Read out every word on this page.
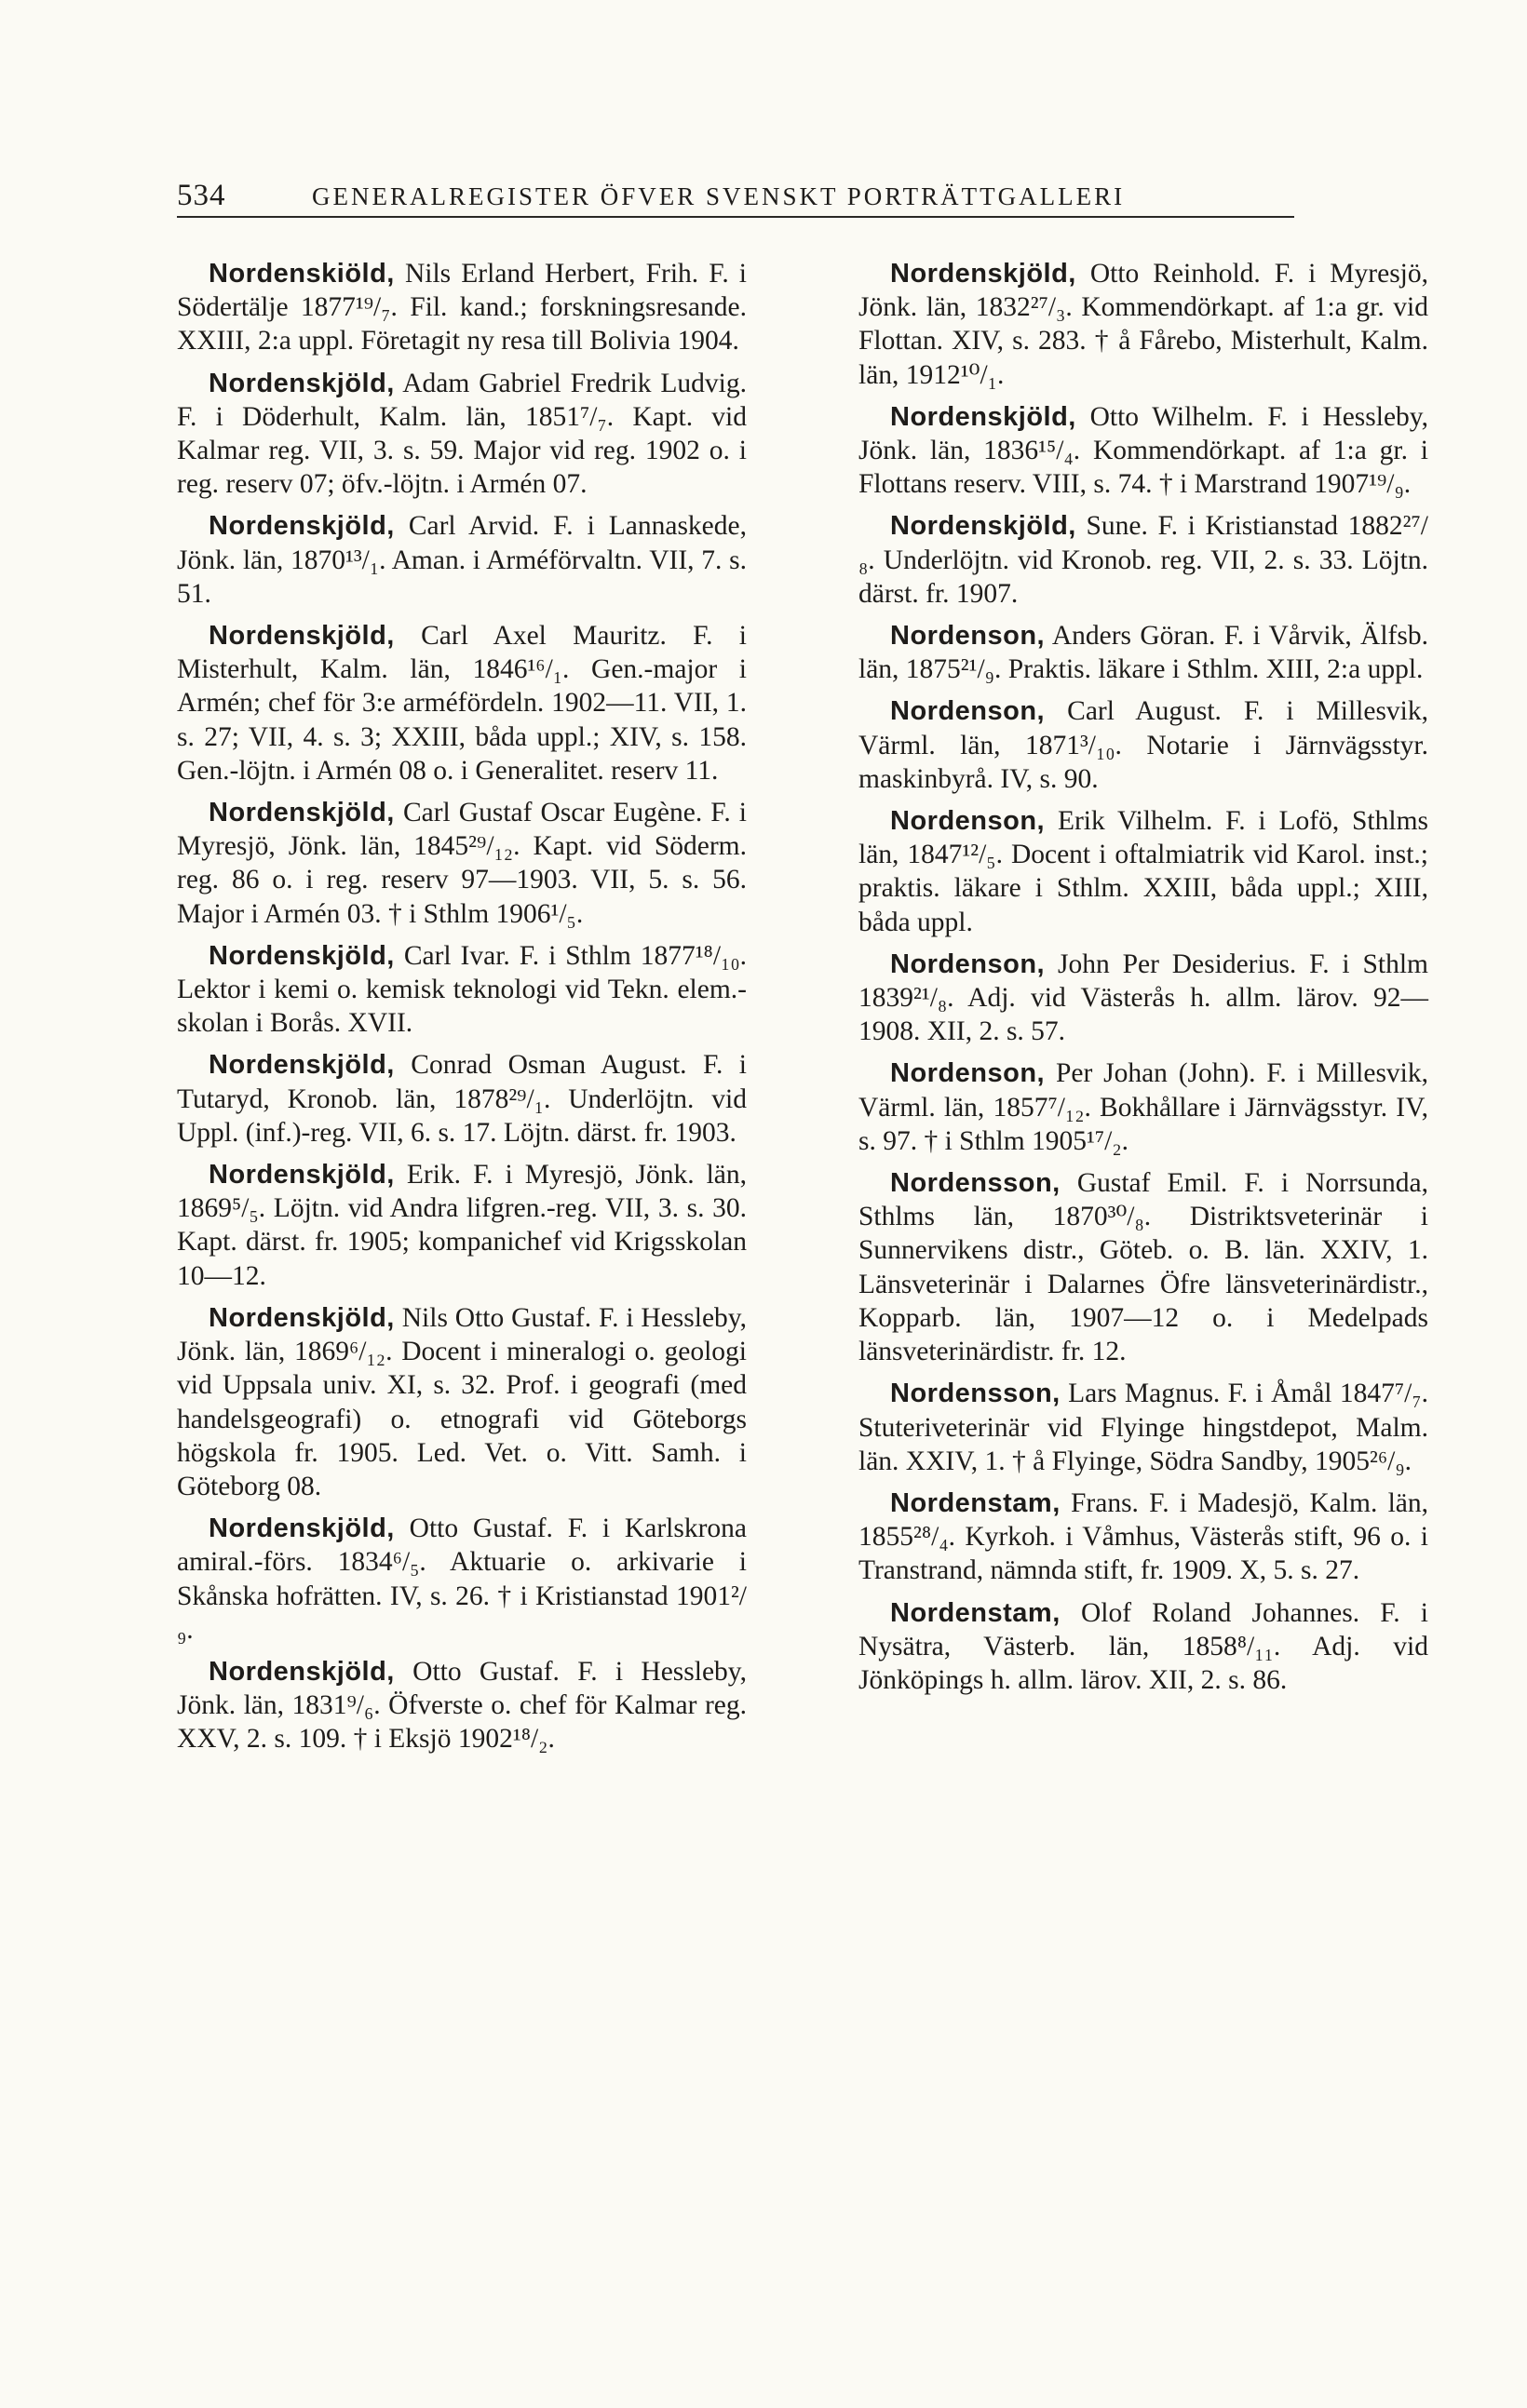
534	GENERALREGISTER ÖFVER SVENSKT PORTRÄTTGALLERI

Nordenskiöld, Nils Erland Herbert, Frih. F. i Södertälje 1877¹⁹/₇. Fil. kand.; forskningsresande. XXIII, 2:a uppl. Företagit ny resa till Bolivia 1904.

Nordenskjöld, Adam Gabriel Fredrik Ludvig. F. i Döderhult, Kalm. län, 1851⁷/₇. Kapt. vid Kalmar reg. VII, 3. s. 59. Major vid reg. 1902 o. i reg. reserv 07; öfv.-löjtn. i Armén 07.

Nordenskjöld, Carl Arvid. F. i Lannaskede, Jönk. län, 1870¹³/₁. Aman. i Arméförvaltn. VII, 7. s. 51.

Nordenskjöld, Carl Axel Mauritz. F. i Misterhult, Kalm. län, 1846¹⁶/₁. Gen.-major i Armén; chef för 3:e arméfördeln. 1902—11. VII, 1. s. 27; VII, 4. s. 3; XXIII, båda uppl.; XIV, s. 158. Gen.-löjtn. i Armén 08 o. i Generalitet. reserv 11.

Nordenskjöld, Carl Gustaf Oscar Eugène. F. i Myresjö, Jönk. län, 1845²⁹/₁₂. Kapt. vid Söderm. reg. 86 o. i reg. reserv 97—1903. VII, 5. s. 56. Major i Armén 03. † i Sthlm 1906¹/₅.

Nordenskjöld, Carl Ivar. F. i Sthlm 1877¹⁸/₁₀. Lektor i kemi o. kemisk teknologi vid Tekn. elem.-skolan i Borås. XVII.

Nordenskjöld, Conrad Osman August. F. i Tutaryd, Kronob. län, 1878²⁹/₁. Underlöjtn. vid Uppl. (inf.)-reg. VII, 6. s. 17. Löjtn. därst. fr. 1903.

Nordenskjöld, Erik. F. i Myresjö, Jönk. län, 1869⁵/₅. Löjtn. vid Andra lifgren.-reg. VII, 3. s. 30. Kapt. därst. fr. 1905; kompanichef vid Krigsskolan 10—12.

Nordenskjöld, Nils Otto Gustaf. F. i Hessleby, Jönk. län, 1869⁶/₁₂. Docent i mineralogi o. geologi vid Uppsala univ. XI, s. 32. Prof. i geografi (med handelsgeografi) o. etnografi vid Göteborgs högskola fr. 1905. Led. Vet. o. Vitt. Samh. i Göteborg 08.

Nordenskjöld, Otto Gustaf. F. i Karlskrona amiral.-förs. 1834⁶/₅. Aktuarie o. arkivarie i Skånska hofrätten. IV, s. 26. † i Kristianstad 1901²/₉.

Nordenskjöld, Otto Gustaf. F. i Hessleby, Jönk. län, 1831⁹/₆. Öfverste o. chef för Kalmar reg. XXV, 2. s. 109. † i Eksjö 1902¹⁸/₂.

Nordenskjöld, Otto Reinhold. F. i Myresjö, Jönk. län, 1832²⁷/₃. Kommendörkapt. af 1:a gr. vid Flottan. XIV, s. 283. † å Fårebo, Misterhult, Kalm. län, 1912¹⁰/₁.

Nordenskjöld, Otto Wilhelm. F. i Hessleby, Jönk. län, 1836¹⁵/₄. Kommendörkapt. af 1:a gr. i Flottans reserv. VIII, s. 74. † i Marstrand 1907¹⁹/₉.

Nordenskjöld, Sune. F. i Kristianstad 1882²⁷/₈. Underlöjtn. vid Kronob. reg. VII, 2. s. 33. Löjtn. därst. fr. 1907.

Nordenson, Anders Göran. F. i Vårvik, Älfsb. län, 1875²¹/₉. Praktis. läkare i Sthlm. XIII, 2:a uppl.

Nordenson, Carl August. F. i Millesvik, Värml. län, 1871³/₁₀. Notarie i Järnvägsstyr. maskinbyrå. IV, s. 90.

Nordenson, Erik Vilhelm. F. i Lofö, Sthlms län, 1847¹²/₅. Docent i oftalmiatrik vid Karol. inst.; praktis. läkare i Sthlm. XXIII, båda uppl.; XIII, båda uppl.

Nordenson, John Per Desiderius. F. i Sthlm 1839²¹/₈. Adj. vid Västerås h. allm. lärov. 92—1908. XII, 2. s. 57.

Nordenson, Per Johan (John). F. i Millesvik, Värml. län, 1857⁷/₁₂. Bokhållare i Järnvägsstyr. IV, s. 97. † i Sthlm 1905¹⁷/₂.

Nordensson, Gustaf Emil. F. i Norrsunda, Sthlms län, 1870³⁰/₈. Distriktsveterinär i Sunnervikens distr., Göteb. o. B. län. XXIV, 1. Länsveterinär i Dalarnes Öfre länsveterinärdistr., Kopparb. län, 1907—12 o. i Medelpads länsveterinärdistr. fr. 12.

Nordensson, Lars Magnus. F. i Åmål 1847⁷/₇. Stuteriveterinär vid Flyinge hingstdepot, Malm. län. XXIV, 1. † å Flyinge, Södra Sandby, 1905²⁶/₉.

Nordenstam, Frans. F. i Madesjö, Kalm. län, 1855²⁸/₄. Kyrkoh. i Våmhus, Västerås stift, 96 o. i Transtrand, nämnda stift, fr. 1909. X, 5. s. 27.

Nordenstam, Olof Roland Johannes. F. i Nysätra, Västerb. län, 1858⁸/₁₁. Adj. vid Jönköpings h. allm. lärov. XII, 2. s. 86.
